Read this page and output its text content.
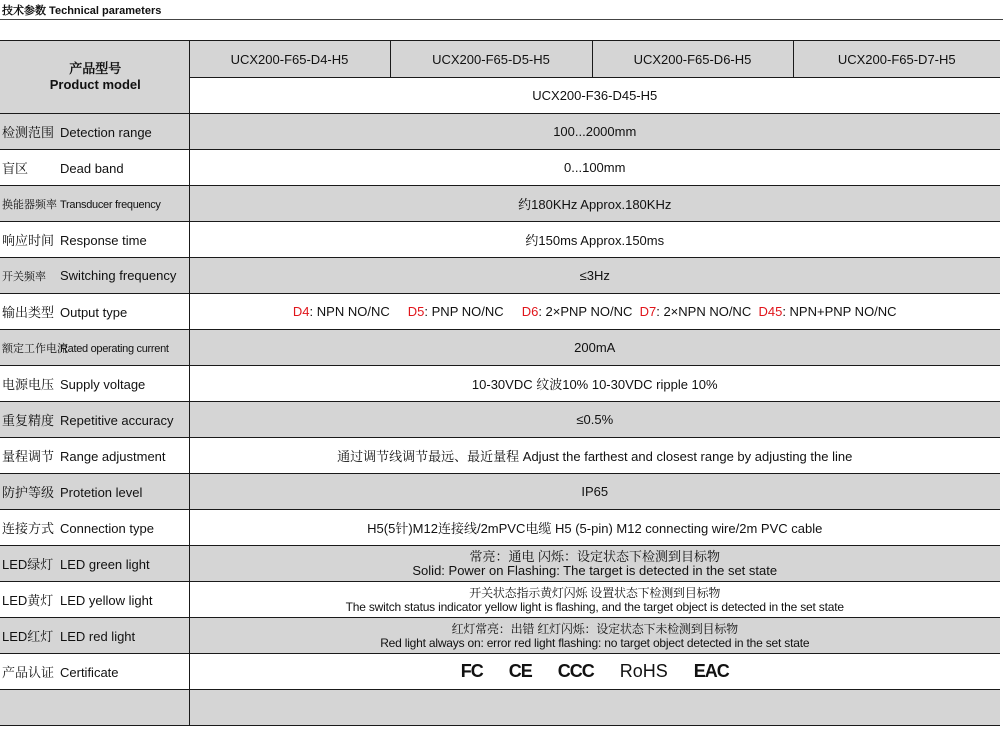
技术参数 Technical parameters
产品型号
Product model	UCX200-F65-D4-H5	UCX200-F65-D5-H5	UCX200-F65-D6-H5	UCX200-F65-D7-H5
	UCX200-F36-D45-H5			
检测范围 Detection range	100...2000mm			
盲区 Dead band	0...100mm			
换能器频率 Transducer frequency	约180KHz Approx.180KHz			
响应时间 Response time	约150ms Approx.150ms			
开关频率 Switching frequency	≤3Hz			
输出类型 Output type	D4: NPN NO/NC D5: PNP NO/NC D6: 2×PNP NO/NC D7: 2×NPN NO/NC D45: NPN+PNP NO/NC			
额定工作电流Rated operating current	200mA			
电源电压 Supply voltage	10-30VDC 纹波10% 10-30VDC ripple 10%			
重复精度 Repetitive accuracy	≤0.5%			
量程调节 Range adjustment	通过调节线调节最远、最近量程 Adjust the farthest and closest range by adjusting the line			
防护等级 Protetion level	IP65			
连接方式 Connection type	H5(5针)M12连接线/2mPVC电缆 H5 (5-pin) M12 connecting wire/2m PVC cable			
LED绿灯 LED green light	常亮：通电 闪烁：设定状态下检测到目标物
Solid: Power on Flashing: The target is detected in the set state			

LED黄灯 LED yellow light	开关状态指示黄灯闪烁 设置状态下检测到目标物
The switch status indicator yellow light is flashing, and the target object is detected in the set state			

LED红灯 LED red light	红灯常亮：出错 红灯闪烁：设定状态下未检测到目标物
Red light always on: error red light flashing: no target object detected in the set state			

产品认证 Certificate	FC CE CCC RoHS EAC			
